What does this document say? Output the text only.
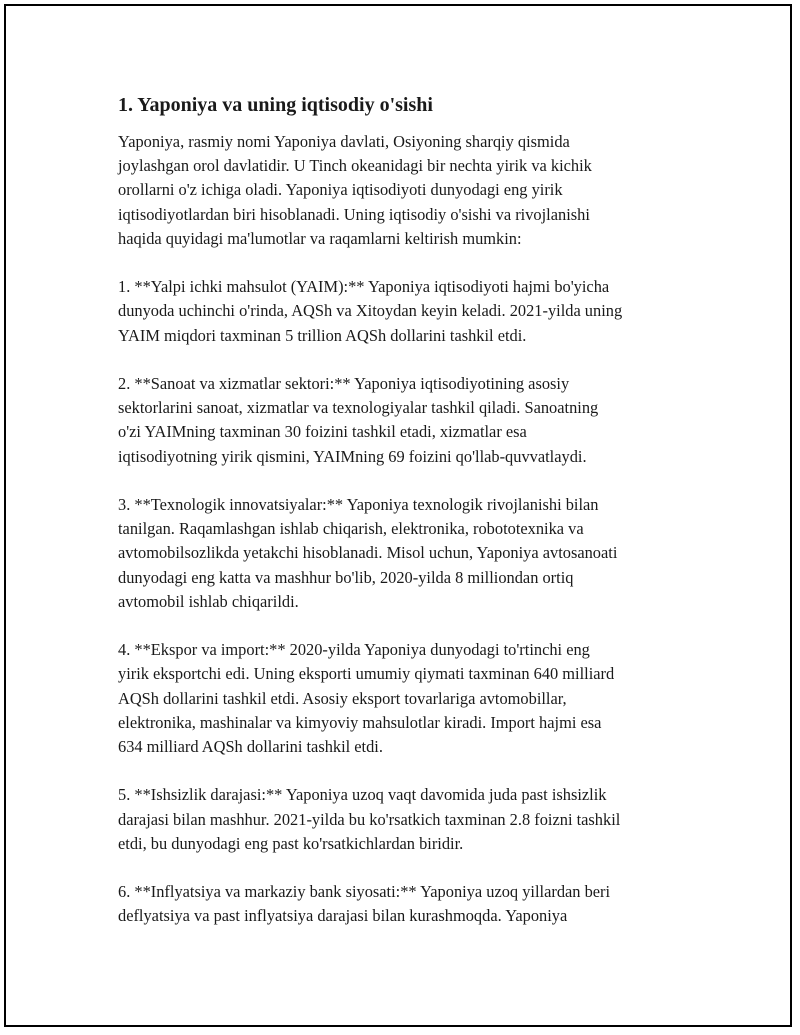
1. Yaponiya va uning iqtisodiy o'sishi

Yaponiya, rasmiy nomi Yaponiya davlati, Osiyoning sharqiy qismida
joylashgan orol davlatidir. U Tinch okeanidagi bir nechta yirik va kichik
orollarni o'z ichiga oladi. Yaponiya iqtisodiyoti dunyodagi eng yirik
iqtisodiyotlardan biri hisoblanadi. Uning iqtisodiy o'sishi va rivojlanishi
haqida quyidagi ma'lumotlar va raqamlarni keltirish mumkin:

1. **Yalpi ichki mahsulot (YAIM):** Yaponiya iqtisodiyoti hajmi bo'yicha
dunyoda uchinchi o'rinda, AQSh va Xitoydan keyin keladi. 2021-yilda uning
YAIM miqdori taxminan 5 trillion AQSh dollarini tashkil etdi.

2. **Sanoat va xizmatlar sektori:** Yaponiya iqtisodiyotining asosiy
sektorlarini sanoat, xizmatlar va texnologiyalar tashkil qiladi. Sanoatning
o'zi YAIMning taxminan 30 foizini tashkil etadi, xizmatlar esa
iqtisodiyotning yirik qismini, YAIMning 69 foizini qo'llab-quvvatlaydi.

3. **Texnologik innovatsiyalar:** Yaponiya texnologik rivojlanishi bilan
tanilgan. Raqamlashgan ishlab chiqarish, elektronika, robototexnika va
avtomobilsozlikda yetakchi hisoblanadi. Misol uchun, Yaponiya avtosanoati
dunyodagi eng katta va mashhur bo'lib, 2020-yilda 8 milliondan ortiq
avtomobil ishlab chiqarildi.

4. **Ekspor va import:** 2020-yilda Yaponiya dunyodagi to'rtinchi eng
yirik eksportchi edi. Uning eksporti umumiy qiymati taxminan 640 milliard
AQSh dollarini tashkil etdi. Asosiy eksport tovarlariga avtomobillar,
elektronika, mashinalar va kimyoviy mahsulotlar kiradi. Import hajmi esa
634 milliard AQSh dollarini tashkil etdi.

5. **Ishsizlik darajasi:** Yaponiya uzoq vaqt davomida juda past ishsizlik
darajasi bilan mashhur. 2021-yilda bu ko'rsatkich taxminan 2.8 foizni tashkil
etdi, bu dunyodagi eng past ko'rsatkichlardan biridir.

6. **Inflyatsiya va markaziy bank siyosati:** Yaponiya uzoq yillardan beri
deflyatsiya va past inflyatsiya darajasi bilan kurashmoqda. Yaponiya
